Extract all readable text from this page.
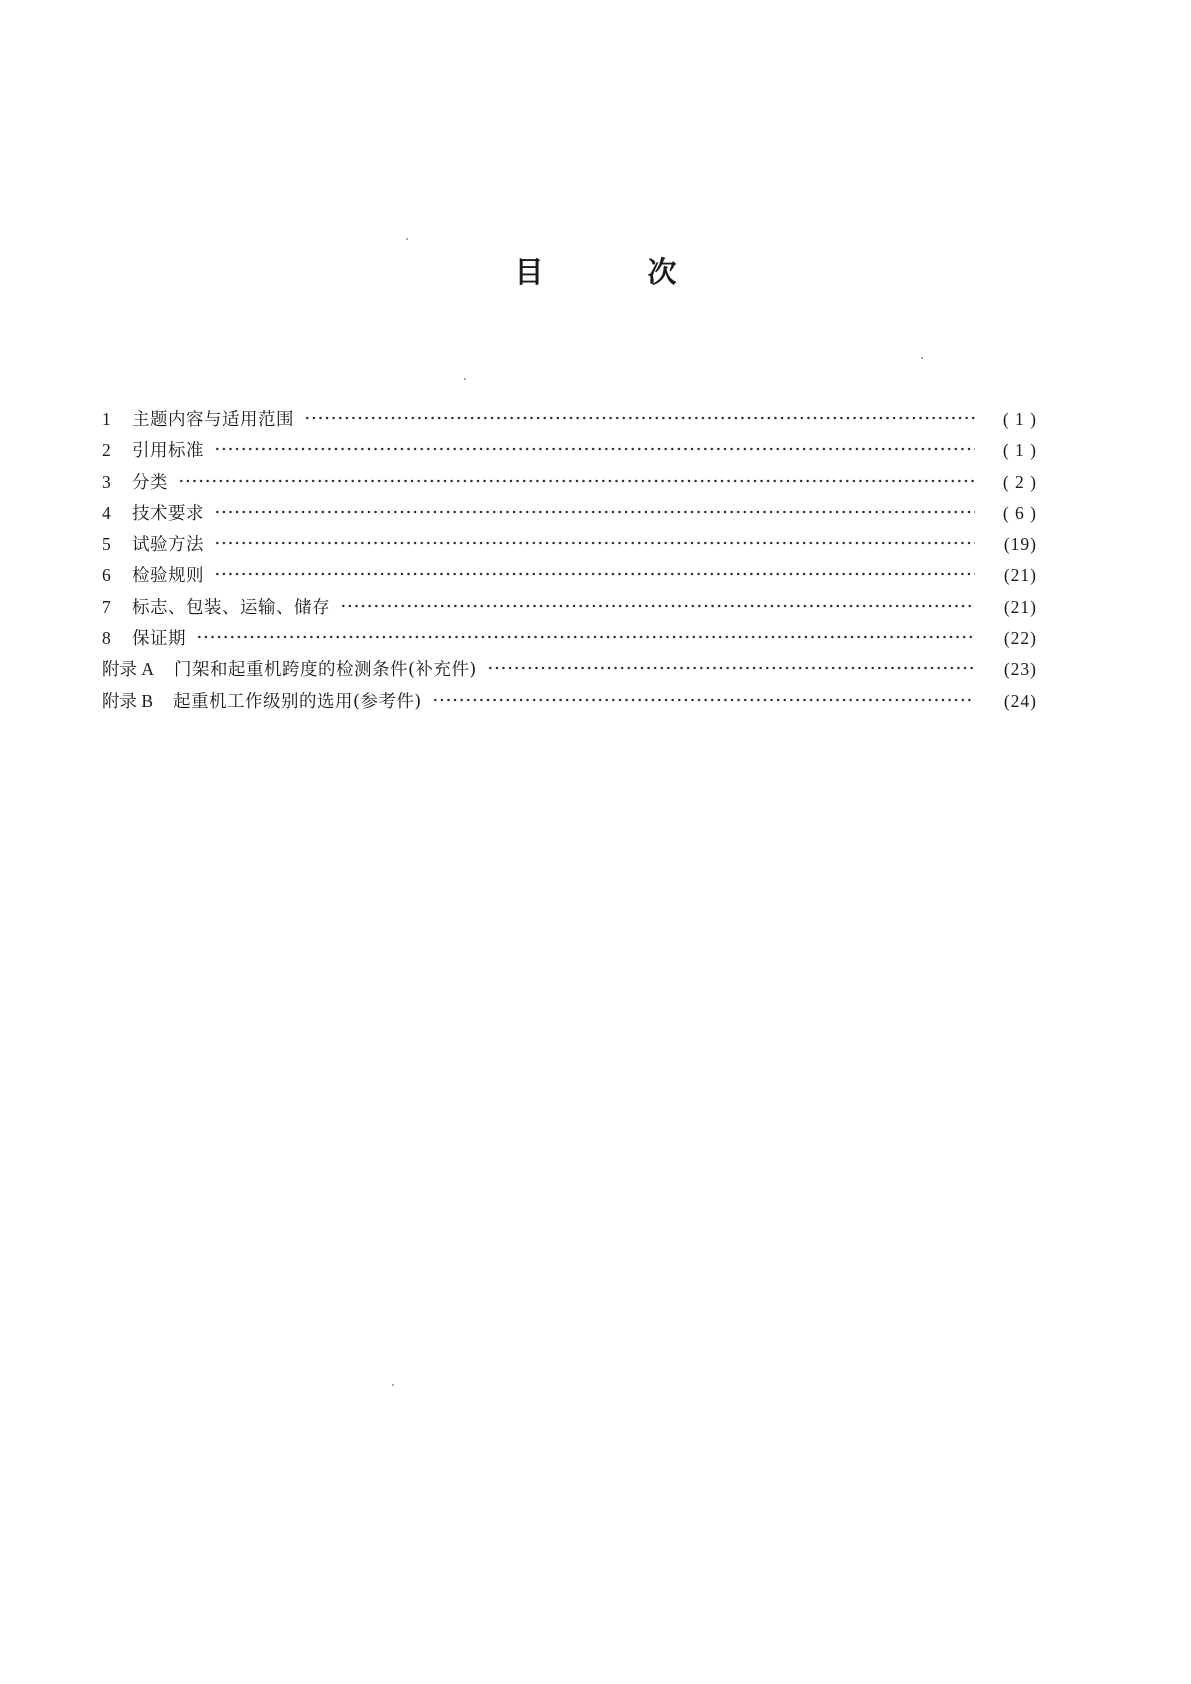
目	次
1	主题内容与适用范围	( 1 )
2	引用标准	( 1 )
3	分类	( 2 )
4	技术要求	( 6 )
5	试验方法	(19)
6	检验规则	(21)
7	标志、包装、运输、储存	(21)
8	保证期	(22)
附录 A 门架和起重机跨度的检测条件(补充件)	(23)
附录 B 起重机工作级别的选用(参考件)	(24)
